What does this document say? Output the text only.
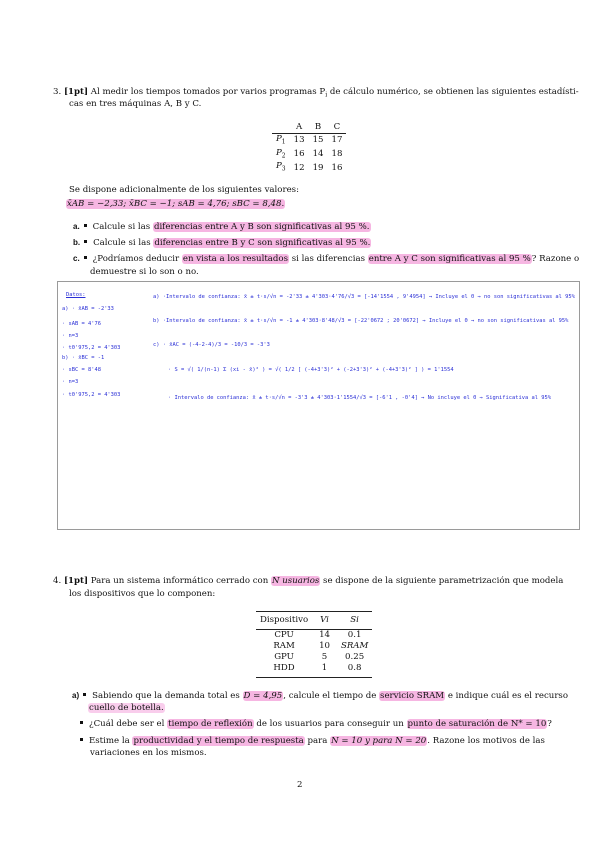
3. [1pt] Al medir los tiempos tomados por varios programas $P_i$ de cálculo numérico, se obtienen las siguientes estadísti-
cas en tres máquinas A, B y C.
	A	B	C
$P_1$	13	15	17
$P_2$	16	14	18
$P_3$	12	19	16
Se dispone adicionalmente de los siguientes valores:
x̄AB = −2,33; x̄BC = −1; sAB = 4,76; sBC = 8,48.
a. Calcule si las diferencias entre A y B son significativas al 95 %.
b. Calcule si las diferencias entre B y C son significativas al 95 %.
c. ¿Podríamos deducir en vista a los resultados si las diferencias entre A y C son significativas al 95 %? Razone o
demuestre si lo son o no.
Datos:
a) · x̄AB = -2'33
· sAB = 4'76
· n=3
· t0'975,2 = 4'303
b) · x̄BC = -1
· sBC = 8'48
· n=3
· t0'975,2 = 4'303
a) ·Intervalo de confianza: x̄ ± t·s/√n = -2'33 ± 4'303·4'76/√3 = [-14'1554 , 9'4954] → Incluye el 0 → no son significativas al 95%
b) ·Intervalo de confianza: x̄ ± t·s/√n = -1 ± 4'303·8'48/√3 = [-22'0672 ; 20'0672] → Incluye el 0 → no son significativas al 95%
c) · x̄AC = (-4-2-4)/3 = -10/3 = -3'3
· S = √( 1/(n-1) Σ (xi - x̄)² ) = √( 1/2 [ (-4+3'3)² + (-2+3'3)² + (-4+3'3)² ] ) = 1'1554
· Intervalo de confianza: x̄ ± t·s/√n = -3'3 ± 4'303·1'1554/√3 = [-6'1 , -0'4] → No incluye el 0 → Significativa al 95%
4. [1pt] Para un sistema informático cerrado con N usuarios se dispone de la siguiente parametrización que modela
los dispositivos que lo componen:
Dispositivo	Vi	Si
CPU	14	0.1
RAM	10	SRAM
GPU	5	0.25
HDD	1	0.8
a) Sabiendo que la demanda total es D = 4,95, calcule el tiempo de servicio SRAM e indique cuál es el recurso
cuello de botella.
¿Cuál debe ser el tiempo de reflexión de los usuarios para conseguir un punto de saturación de N* = 10?
Estime la productividad y el tiempo de respuesta para N = 10 y para N = 20. Razone los motivos de las
variaciones en los mismos.
2
